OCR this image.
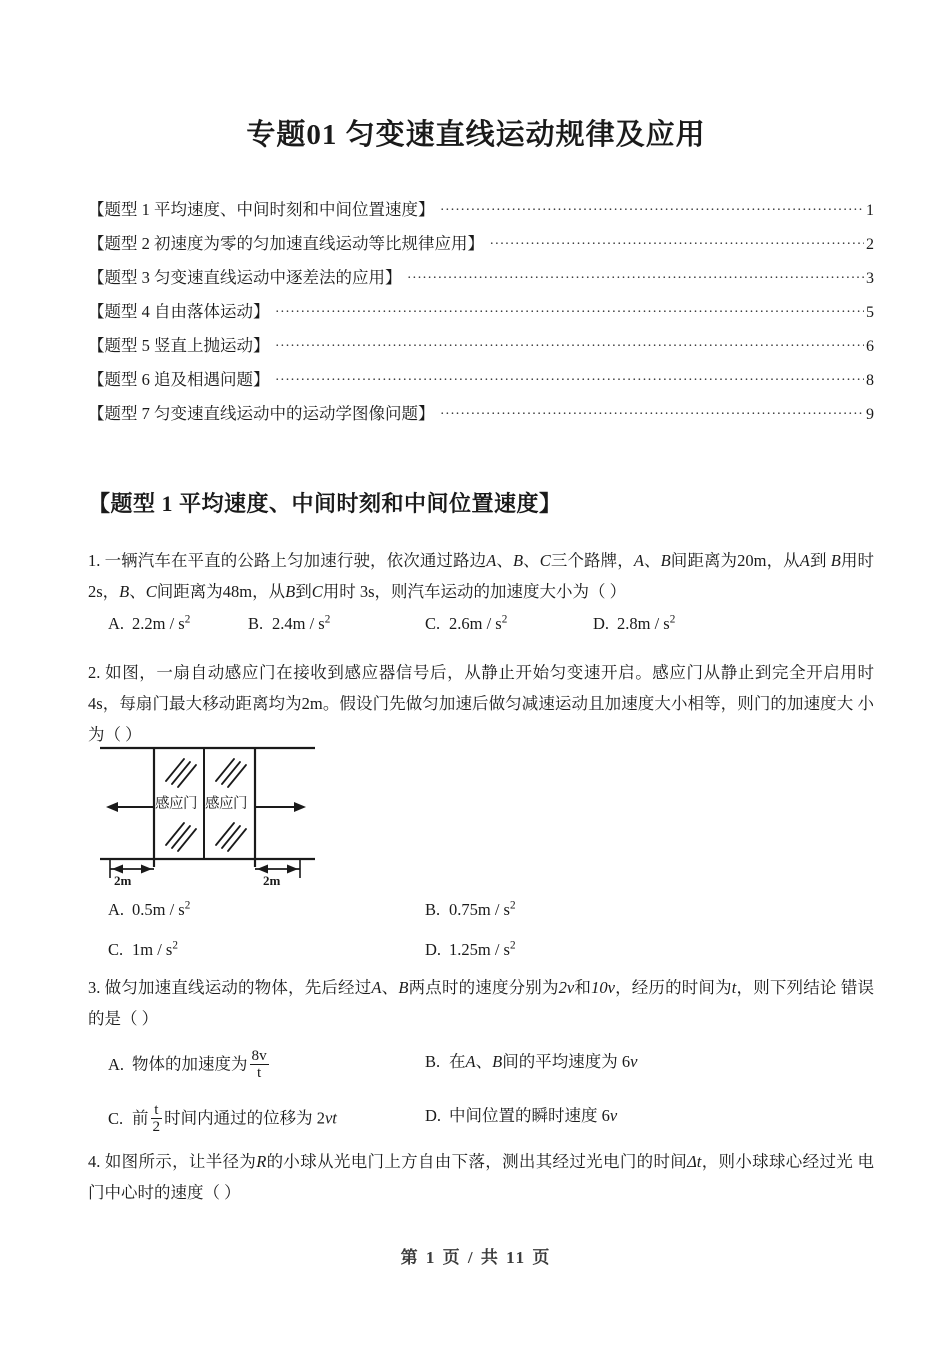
专题01 匀变速直线运动规律及应用
【题型 1 平均速度、中间时刻和中间位置速度】 .....	1
【题型 2 初速度为零的匀加速直线运动等比规律应用】 .....	2
【题型 3 匀变速直线运动中逐差法的应用】 .....	3
【题型 4 自由落体运动】 .....	5
【题型 5 竖直上抛运动】 .....	6
【题型 6 追及相遇问题】 .....	8
【题型 7 匀变速直线运动中的运动学图像问题】 .....	9
【题型 1 平均速度、中间时刻和中间位置速度】
1. 一辆汽车在平直的公路上匀加速行驶，依次通过路边A、B、C三个路牌，A、B间距离为20m，从A到 B用时 2s，B、C间距离为48m，从B到C用时 3s，则汽车运动的加速度大小为（ ）
A. $2.2m / s^2$	B. $2.4m / s^2$	C. $2.6m / s^2$	D. $2.8m / s^2$
2. 如图，一扇自动感应门在接收到感应器信号后，从静止开始匀变速开启。感应门从静止到完全开启用时 4s，每扇门最大移动距离均为2m。假设门先做匀加速后做匀减速运动且加速度大小相等，则门的加速度大 小为（ ）
感应门 感应门
2m	2m
A. $0.5m / s^2$	B. $0.75m / s^2$
C. $1m / s^2$	D. $1.25m / s^2$
3. 做匀加速直线运动的物体，先后经过A、B两点时的速度分别为2v和10v，经历的时间为t，则下列结论 错误的是（ ）
A. 物体的加速度为 $\frac{8v}{t}$	B. 在A、B间的平均速度为 6v
C. 前 $\frac{t}{2}$ 时间内通过的位移为 2vt	D. 中间位置的瞬时速度 6v
4. 如图所示，让半径为R的小球从光电门上方自由下落，测出其经过光电门的时间Δt，则小球球心经过光 电门中心时的速度（ ）
第 1 页 / 共 11 页
